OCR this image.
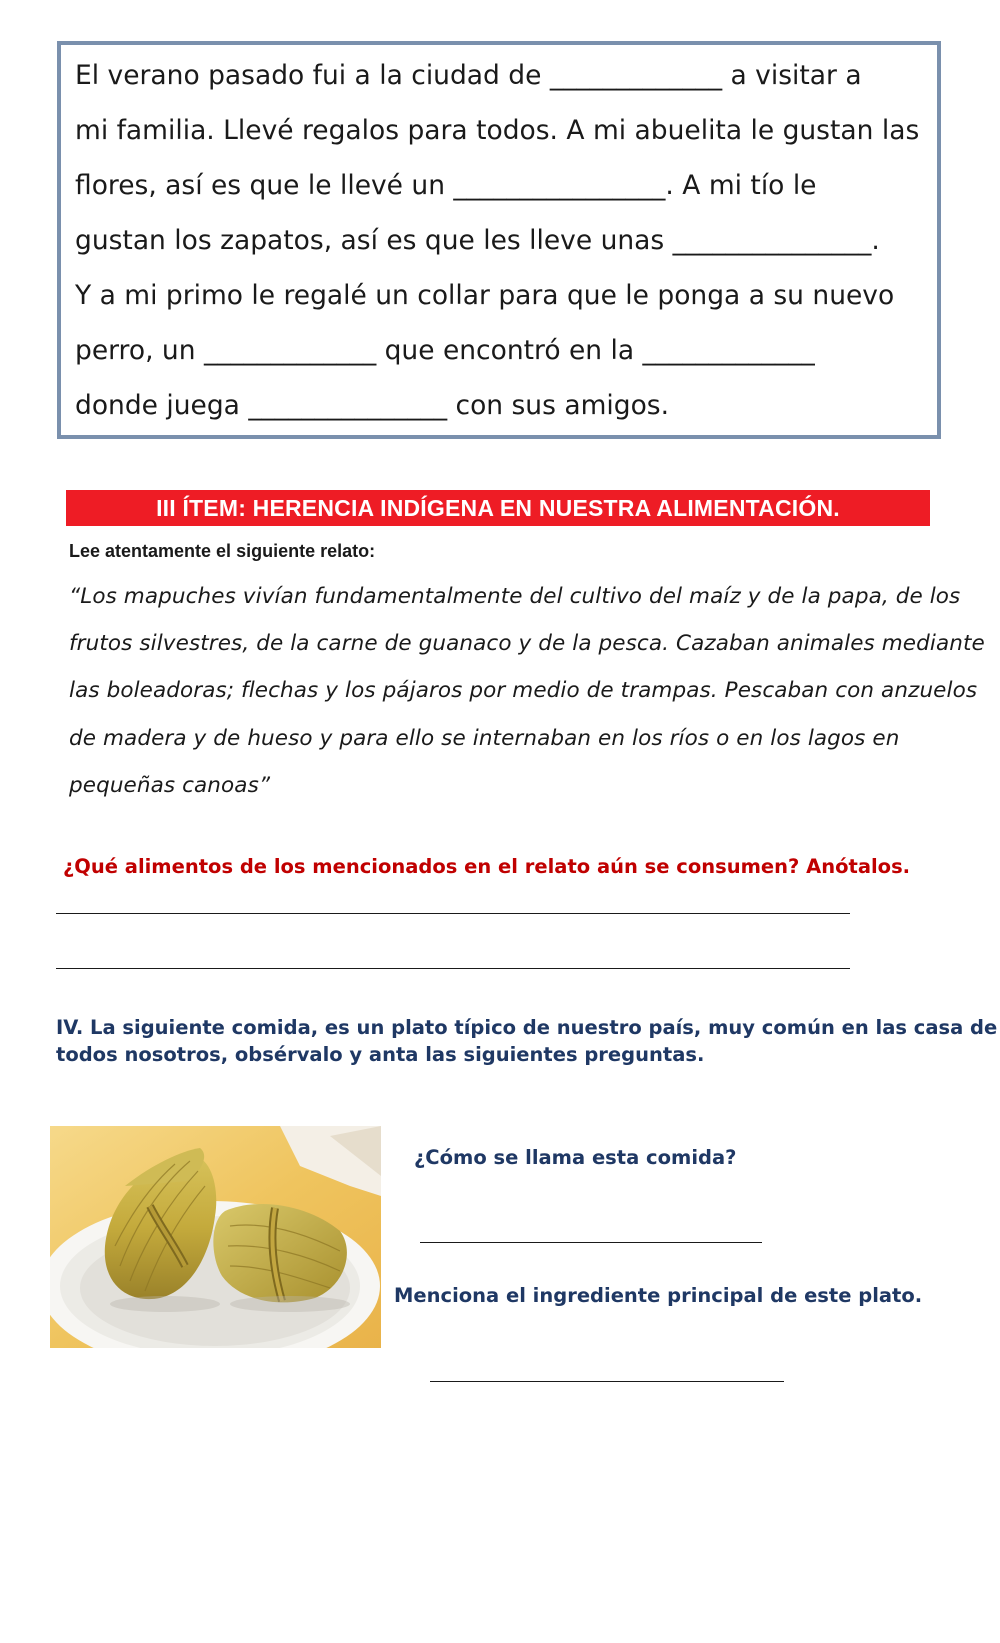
El verano pasado fui a la ciudad de _____________ a visitar a
mi familia. Llevé regalos para todos. A mi abuelita le gustan las
flores, así es que le llevé un ________________. A mi tío le
gustan los zapatos, así es que les lleve unas _______________.
Y a mi primo le regalé un collar para que le ponga a su nuevo
perro, un _____________ que encontró en la _____________
donde juega _______________ con sus amigos.
III ÍTEM: HERENCIA INDÍGENA EN NUESTRA ALIMENTACIÓN.
Lee atentamente el siguiente relato:
“Los mapuches vivían fundamentalmente del cultivo del maíz y de la papa, de los
frutos silvestres, de la carne de guanaco y de la pesca. Cazaban animales mediante
las boleadoras; flechas y los pájaros por medio de trampas. Pescaban con anzuelos
de madera y de hueso y para ello se internaban en los ríos o en los lagos en
pequeñas canoas”
¿Qué alimentos de los mencionados en el relato aún se consumen? Anótalos.
IV. La siguiente comida, es un plato típico de nuestro país, muy común en las casa de
todos nosotros, obsérvalo y anta las siguientes preguntas.
¿Cómo se llama esta comida?
Menciona el ingrediente principal de este plato.
